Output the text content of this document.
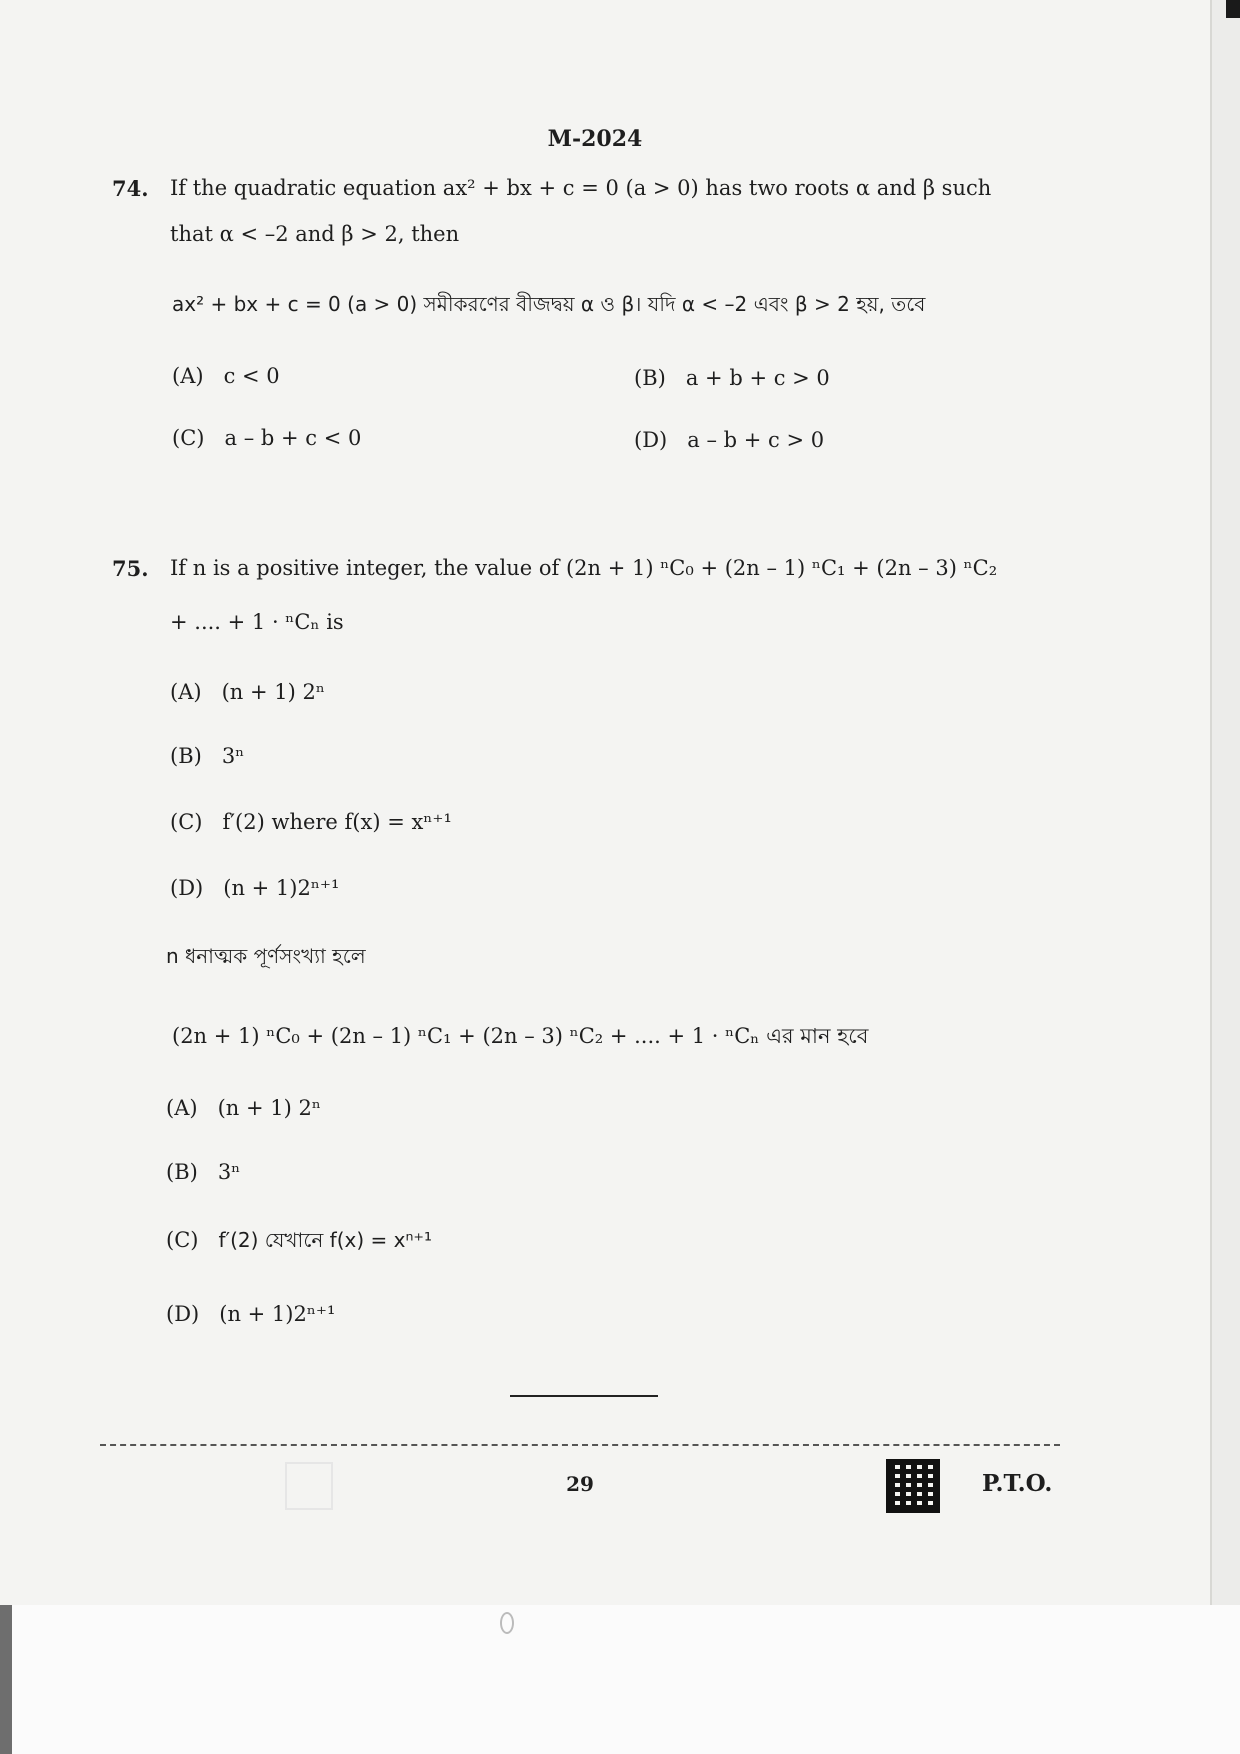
M-2024
74. If the quadratic equation ax² + bx + c = 0 (a > 0) has two roots α and β such
that α < –2 and β > 2, then
ax² + bx + c = 0 (a > 0) সমীকরণের বীজদ্বয় α ও β। যদি α < –2 এবং β > 2 হয়, তবে
(A) c < 0	(B) a + b + c > 0
(C) a – b + c < 0	(D) a – b + c > 0
75. If n is a positive integer, the value of (2n + 1) ⁿC₀ + (2n – 1) ⁿC₁ + (2n – 3) ⁿC₂
+ .... + 1 · ⁿCₙ is
(A) (n + 1) 2ⁿ
(B) 3ⁿ
(C) f′(2) where f(x) = xⁿ⁺¹
(D) (n + 1)2ⁿ⁺¹
n ধনাত্মক পূর্ণসংখ্যা হলে
(2n + 1) ⁿC₀ + (2n – 1) ⁿC₁ + (2n – 3) ⁿC₂ + .... + 1 · ⁿCₙ এর মান হবে
(A) (n + 1) 2ⁿ
(B) 3ⁿ
(C) f′(2) যেখানে f(x) = xⁿ⁺¹
(D) (n + 1)2ⁿ⁺¹
29	P.T.O.
